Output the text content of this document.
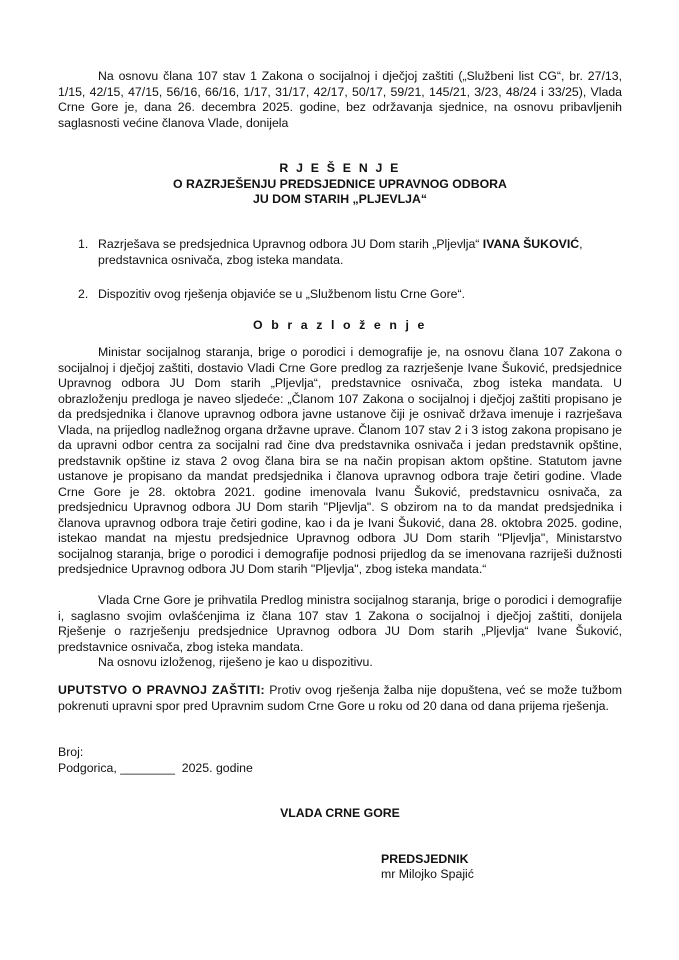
Na osnovu člana 107 stav 1 Zakona o socijalnoj i dječjoj zaštiti („Službeni list CG“, br. 27/13, 1/15, 42/15, 47/15, 56/16, 66/16, 1/17, 31/17, 42/17, 50/17, 59/21, 145/21, 3/23, 48/24 i 33/25), Vlada Crne Gore je, dana 26. decembra 2025. godine, bez održavanja sjednice, na osnovu pribavljenih saglasnosti većine članova Vlade, donijela

R J E Š E N J E
O RAZRJEŠENJU PREDSJEDNICE UPRAVNOG ODBORA
JU DOM STARIH „PLJEVLJA“
1. Razrješava se predsjednica Upravnog odbora JU Dom starih „Pljevlja“ IVANA ŠUKOVIĆ, predstavnica osnivača, zbog isteka mandata.
2. Dispozitiv ovog rješenja objaviće se u „Službenom listu Crne Gore“.
O b r a z l o ž e n j e

Ministar socijalnog staranja, brige o porodici i demografije je, na osnovu člana 107 Zakona o socijalnoj i dječjoj zaštiti, dostavio Vladi Crne Gore predlog za razrješenje Ivane Šuković, predsjednice Upravnog odbora JU Dom starih „Pljevlja“, predstavnice osnivača, zbog isteka mandata. U obrazloženju predloga je naveo sljedeće: „Članom 107 Zakona o socijalnoj i dječjoj zaštiti propisano je da predsjednika i članove upravnog odbora javne ustanove čiji je osnivač država imenuje i razrješava Vlada, na prijedlog nadležnog organa državne uprave. Članom 107 stav 2 i 3 istog zakona propisano je da upravni odbor centra za socijalni rad čine dva predstavnika osnivača i jedan predstavnik opštine, predstavnik opštine iz stava 2 ovog člana bira se na način propisan aktom opštine. Statutom javne ustanove je propisano da mandat predsjednika i članova upravnog odbora traje četiri godine. Vlade Crne Gore je 28. oktobra 2021. godine imenovala Ivanu Šuković, predstavnicu osnivača, za predsjednicu Upravnog odbora JU Dom starih "Pljevlja". S obzirom na to da mandat predsjednika i članova upravnog odbora traje četiri godine, kao i da je Ivani Šuković, dana 28. oktobra 2025. godine, istekao mandat na mjestu predsjednice Upravnog odbora JU Dom starih "Pljevlja", Ministarstvo socijalnog staranja, brige o porodici i demografije podnosi prijedlog da se imenovana razriješi dužnosti predsjednice Upravnog odbora JU Dom starih "Pljevlja", zbog isteka mandata.“

Vlada Crne Gore je prihvatila Predlog ministra socijalnog staranja, brige o porodici i demografije i, saglasno svojim ovlašćenjima iz člana 107 stav 1 Zakona o socijalnoj i dječjoj zaštiti, donijela Rješenje o razrješenju predsjednice Upravnog odbora JU Dom starih „Pljevlja“ Ivane Šuković, predstavnice osnivača, zbog isteka mandata.

Na osnovu izloženog, riješeno je kao u dispozitivu.

UPUTSTVO O PRAVNOJ ZAŠTITI: Protiv ovog rješenja žalba nije dopuštena, već se može tužbom pokrenuti upravni spor pred Upravnim sudom Crne Gore u roku od 20 dana od dana prijema rješenja.

Broj:
Podgorica, ________  2025. godine
VLADA CRNE GORE
PREDSJEDNIK
mr Milojko Spajić
